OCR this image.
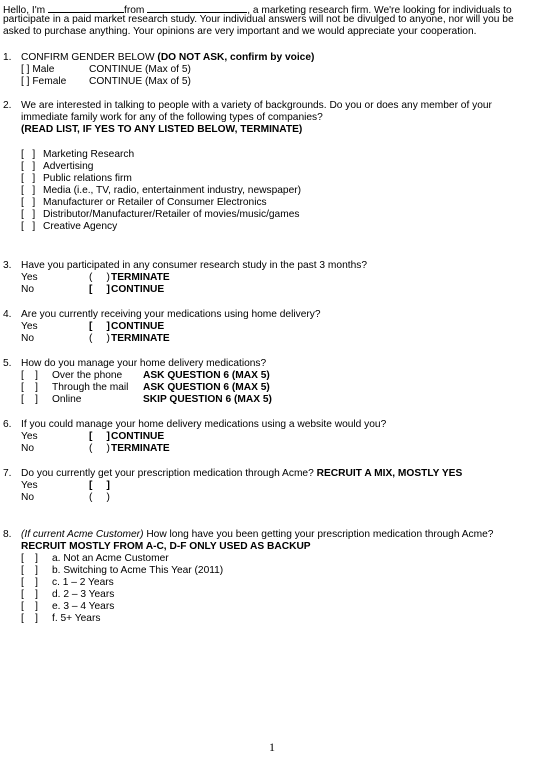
Hello, I'm	from	, a marketing research firm. We're looking for individuals to
participate in a paid market research study. Your individual answers will not be divulged to anyone, nor will you be
asked to purchase anything. Your opinions are very important and we would appreciate your cooperation.
1. CONFIRM GENDER BELOW (DO NOT ASK, confirm by voice)
[ ] Male	CONTINUE (Max of 5)
[ ] Female CONTINUE (Max of 5)
2. We are interested in talking to people with a variety of backgrounds. Do you or does any member of your
immediate family work for any of the following types of companies?
(READ LIST, IF YES TO ANY LISTED BELOW, TERMINATE)
[   ] Marketing Research
[   ] Advertising
[   ] Public relations firm
[   ] Media (i.e., TV, radio, entertainment industry, newspaper)
[   ] Manufacturer or Retailer of Consumer Electronics
[   ] Distributor/Manufacturer/Retailer of movies/music/games
[   ] Creative Agency
3. Have you participated in any consumer research study in the past 3 months?
Yes	(     ) TERMINATE
No	[     ] CONTINUE
4. Are you currently receiving your medications using home delivery?
Yes	[     ] CONTINUE
No	(     ) TERMINATE
5. How do you manage your home delivery medications?
[    ] Over the phone ASK QUESTION 6 (MAX 5)
[    ] Through the mail ASK QUESTION 6 (MAX 5)
[    ] Online	SKIP QUESTION 6 (MAX 5)
6. If you could manage your home delivery medications using a website would you?
Yes	[     ] CONTINUE
No	(     ) TERMINATE
7. Do you currently get your prescription medication through Acme? RECRUIT A MIX, MOSTLY YES
Yes	[     ]
No	(     )
8. (If current Acme Customer) How long have you been getting your prescription medication through Acme?
RECRUIT MOSTLY FROM A-C, D-F ONLY USED AS BACKUP
[    ] a. Not an Acme Customer
[    ] b. Switching to Acme This Year (2011)
[    ] c. 1 – 2 Years
[    ] d. 2 – 3 Years
[    ] e. 3 – 4 Years
[    ] f. 5+ Years
1
